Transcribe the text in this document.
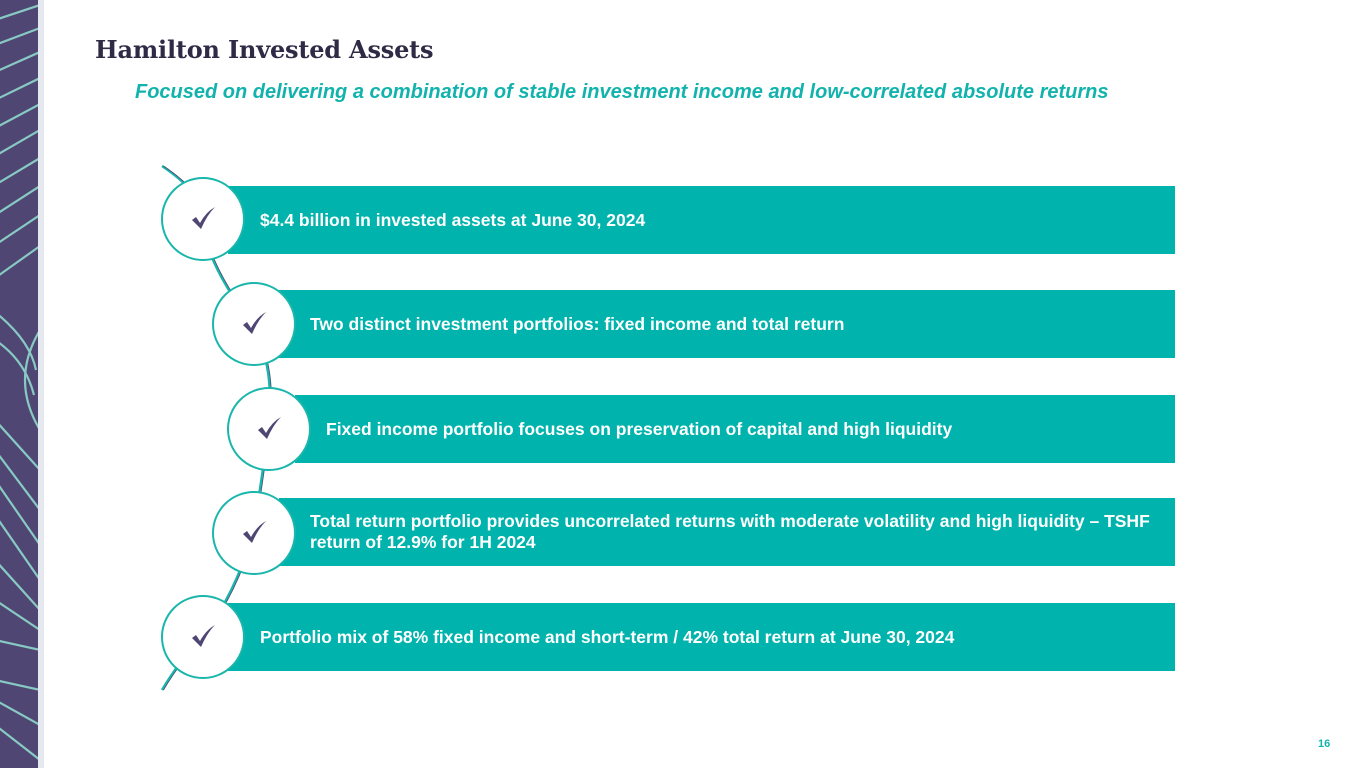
Hamilton Invested Assets

Focused on delivering a combination of stable investment income and low-correlated absolute returns

$4.4 billion in invested assets at June 30, 2024
Two distinct investment portfolios: fixed income and total return
Fixed income portfolio focuses on preservation of capital and high liquidity
Total return portfolio provides uncorrelated returns with moderate volatility and high liquidity – TSHF return of 12.9% for 1H 2024
Portfolio mix of 58% fixed income and short-term / 42% total return at June 30, 2024
16
